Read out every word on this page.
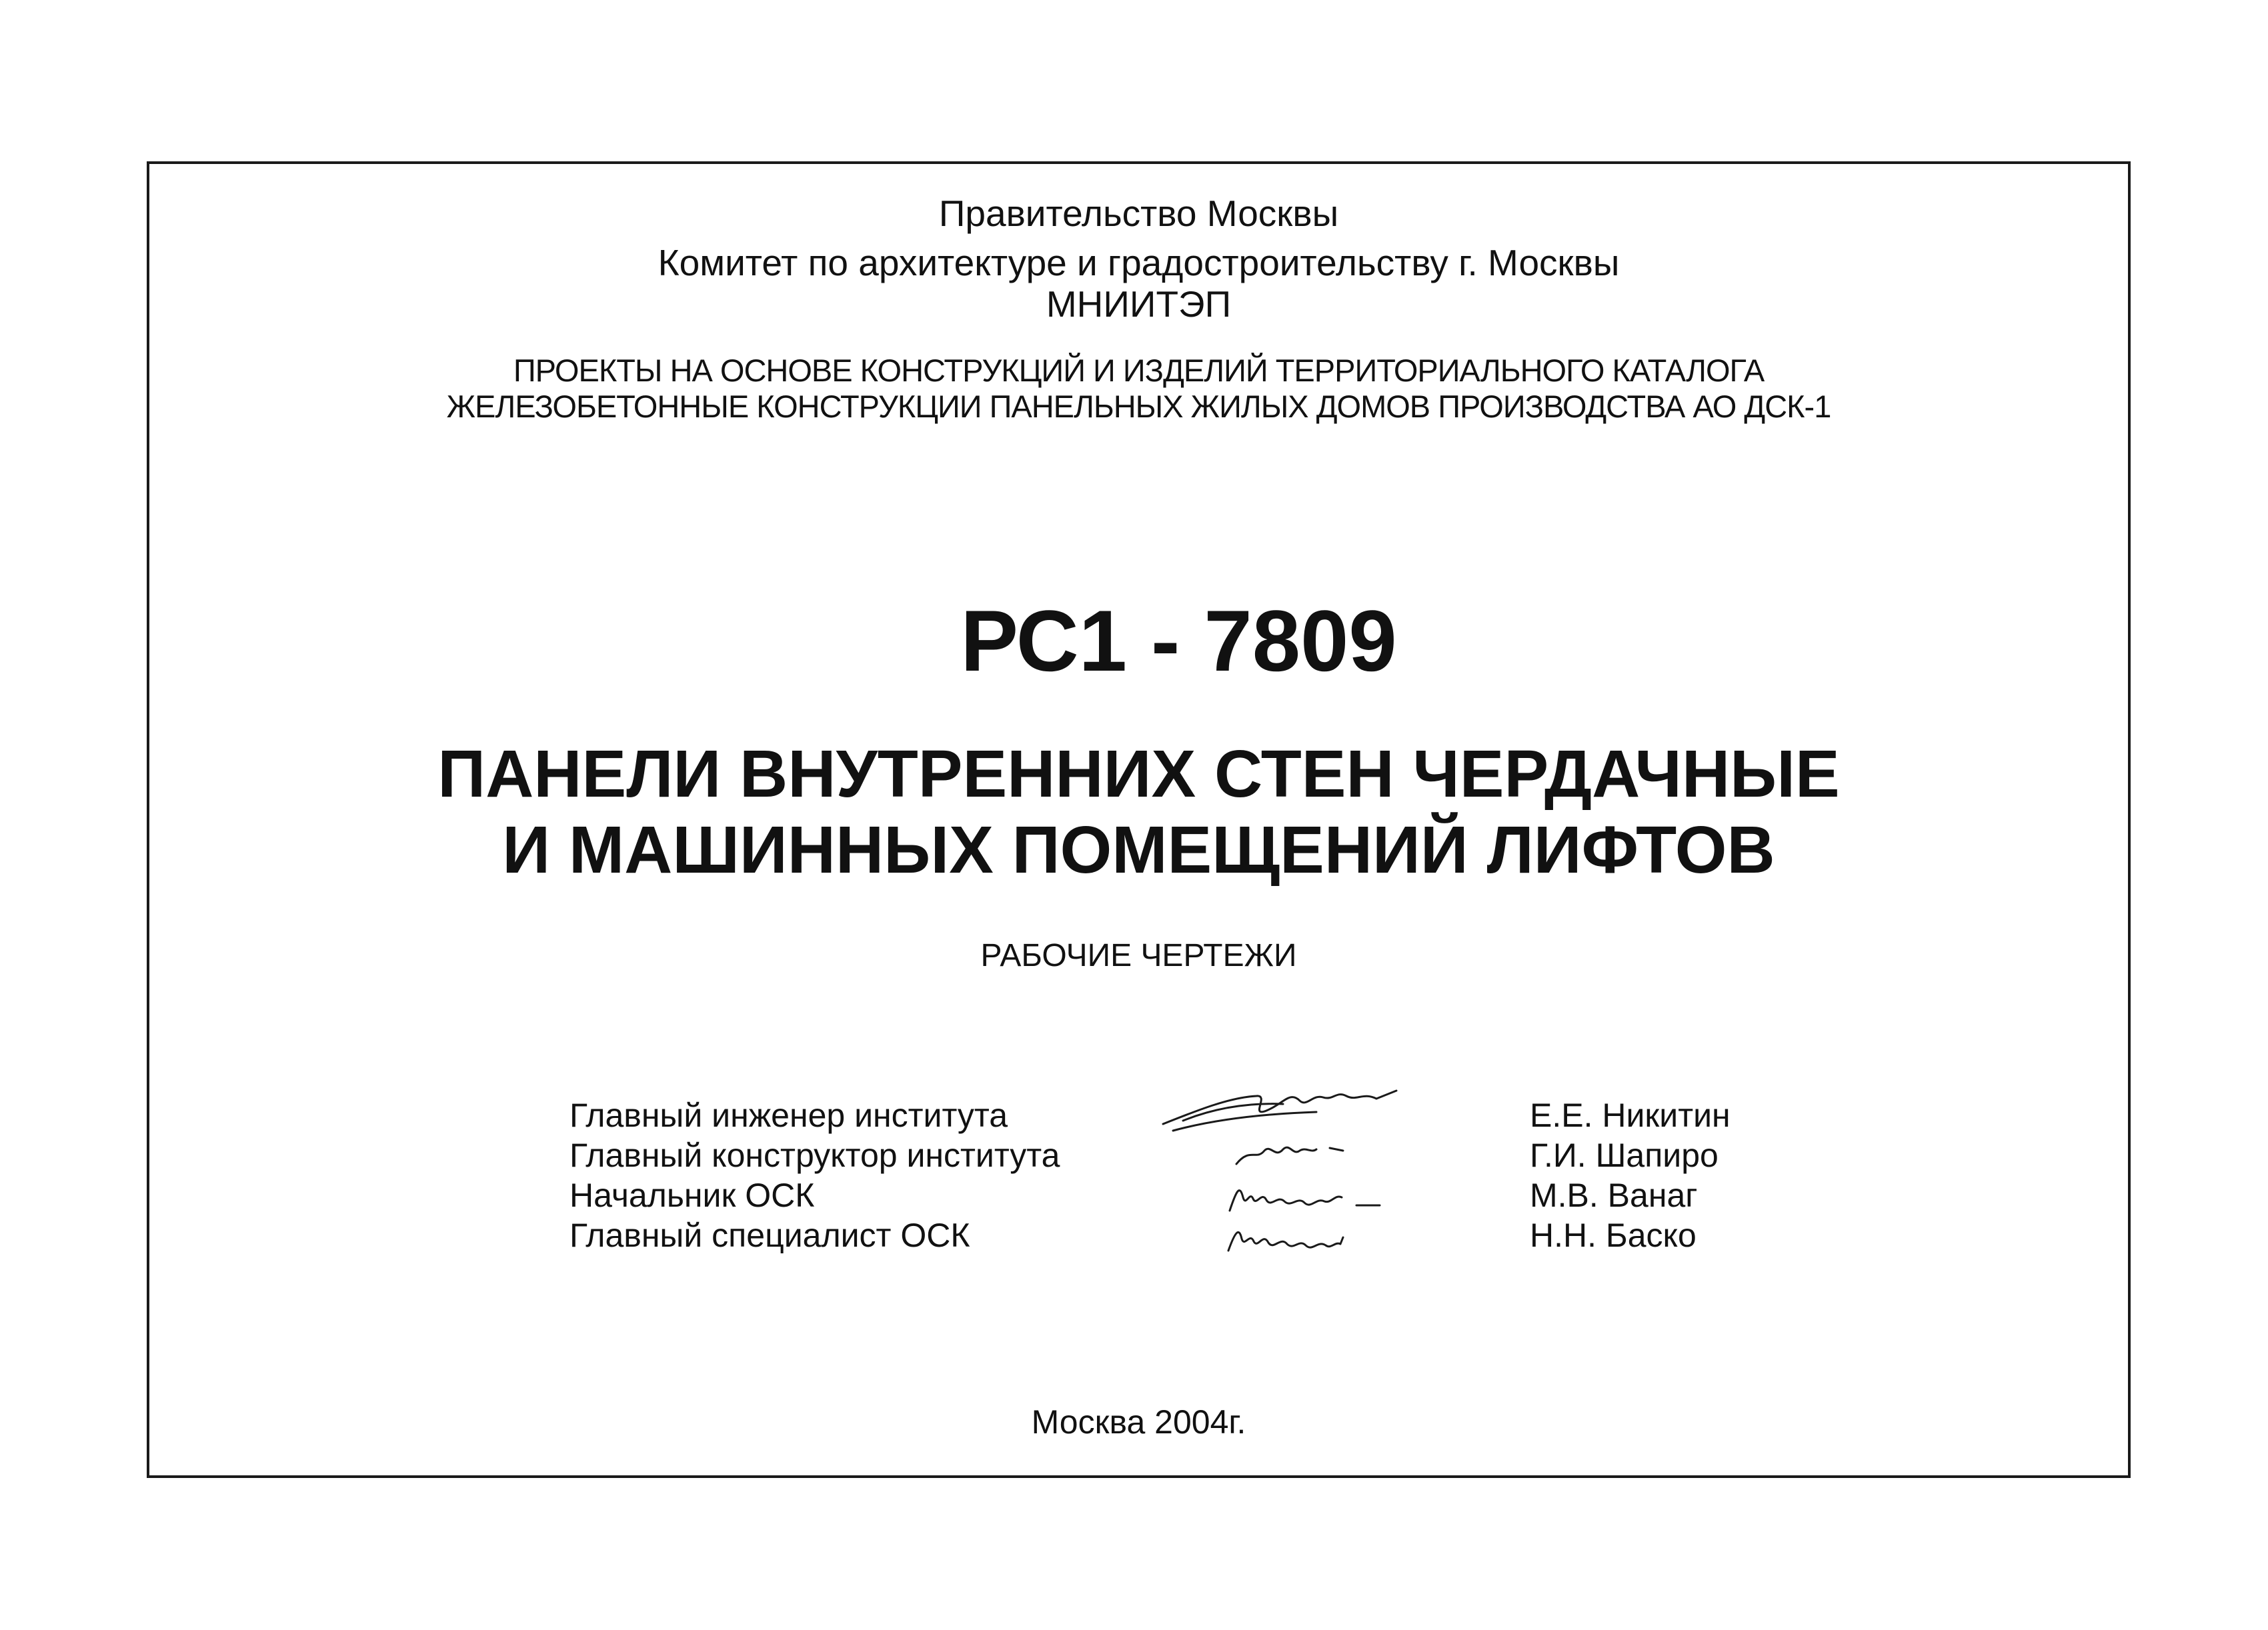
Правительство Москвы
Комитет по архитектуре и градостроительству г. Москвы
МНИИТЭП
ПРОЕКТЫ НА ОСНОВЕ КОНСТРУКЦИЙ И ИЗДЕЛИЙ ТЕРРИТОРИАЛЬНОГО КАТАЛОГА
ЖЕЛЕЗОБЕТОННЫЕ КОНСТРУКЦИИ ПАНЕЛЬНЫХ ЖИЛЫХ ДОМОВ ПРОИЗВОДСТВА АО ДСК-1
РС1 - 7809
ПАНЕЛИ ВНУТРЕННИХ СТЕН ЧЕРДАЧНЫЕ
И МАШИННЫХ ПОМЕЩЕНИЙ ЛИФТОВ
РАБОЧИЕ ЧЕРТЕЖИ
Главный инженер института	Е.Е. Никитин
Главный конструктор института	Г.И. Шапиро
Начальник ОСК	М.В. Ванаг
Главный специалист ОСК	Н.Н. Баско
Москва 2004г.
